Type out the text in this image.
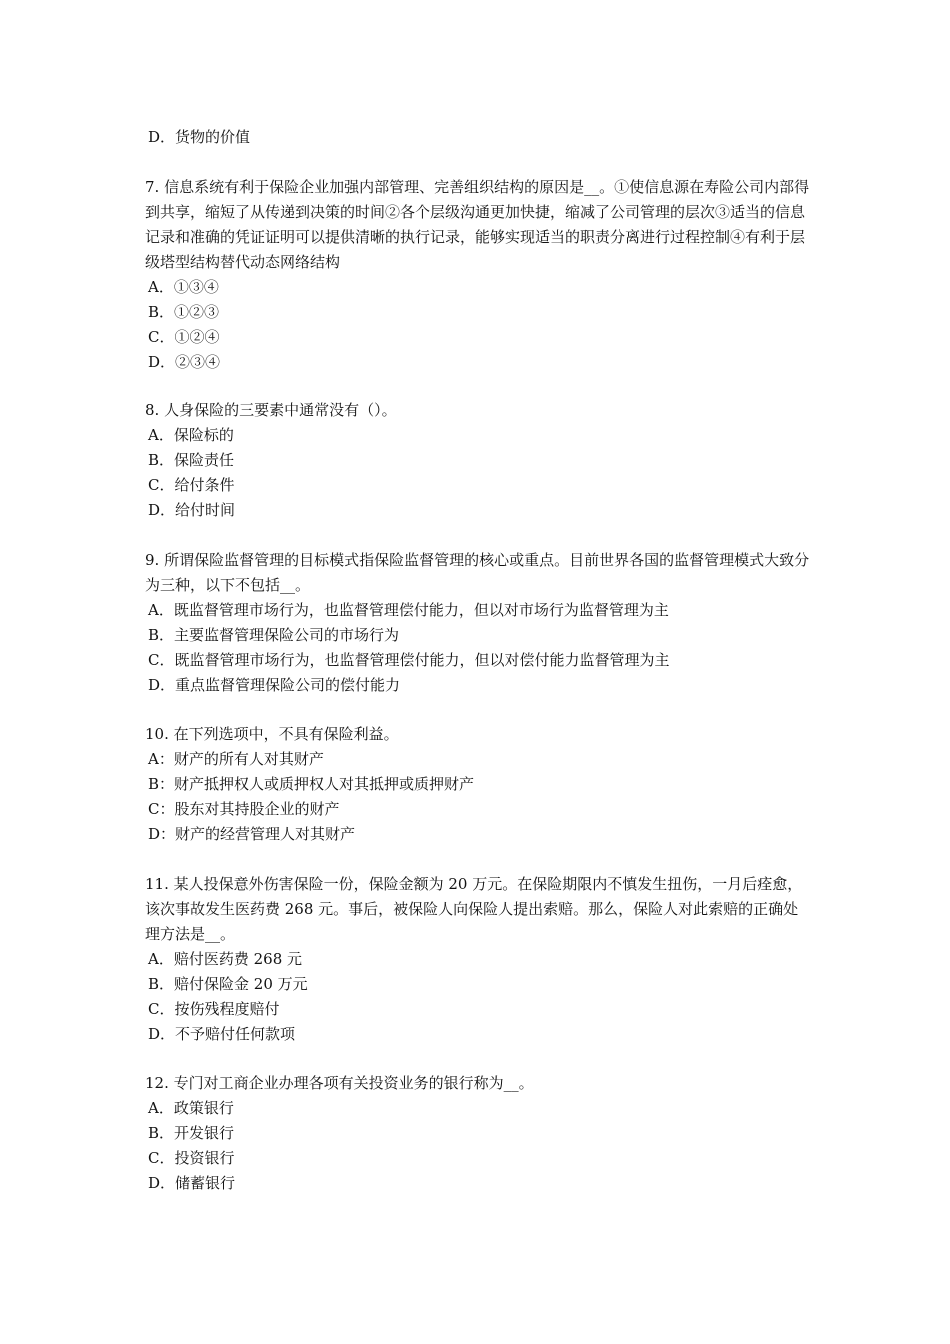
D．货物的价值

7. 信息系统有利于保险企业加强内部管理、完善组织结构的原因是__。①使信息源在寿险公司内部得到共享，缩短了从传递到决策的时间②各个层级沟通更加快捷，缩减了公司管理的层次③适当的信息记录和准确的凭证证明可以提供清晰的执行记录，能够实现适当的职责分离进行过程控制④有利于层级塔型结构替代动态网络结构

A．①③④

B．①②③

C．①②④

D．②③④

8. 人身保险的三要素中通常没有（）。

A．保险标的

B．保险责任

C．给付条件

D．给付时间

9. 所谓保险监督管理的目标模式指保险监督管理的核心或重点。目前世界各国的监督管理模式大致分为三种，以下不包括__。

A．既监督管理市场行为，也监督管理偿付能力，但以对市场行为监督管理为主

B．主要监督管理保险公司的市场行为

C．既监督管理市场行为，也监督管理偿付能力，但以对偿付能力监督管理为主

D．重点监督管理保险公司的偿付能力

10. 在下列选项中，不具有保险利益。

A：财产的所有人对其财产

B：财产抵押权人或质押权人对其抵押或质押财产

C：股东对其持股企业的财产

D：财产的经营管理人对其财产

11. 某人投保意外伤害保险一份，保险金额为 20 万元。在保险期限内不慎发生扭伤，一月后痊愈，该次事故发生医药费 268 元。事后，被保险人向保险人提出索赔。那么，保险人对此索赔的正确处理方法是__。

A．赔付医药费 268 元

B．赔付保险金 20 万元

C．按伤残程度赔付

D．不予赔付任何款项

12. 专门对工商企业办理各项有关投资业务的银行称为__。

A．政策银行

B．开发银行

C．投资银行

D．储蓄银行
